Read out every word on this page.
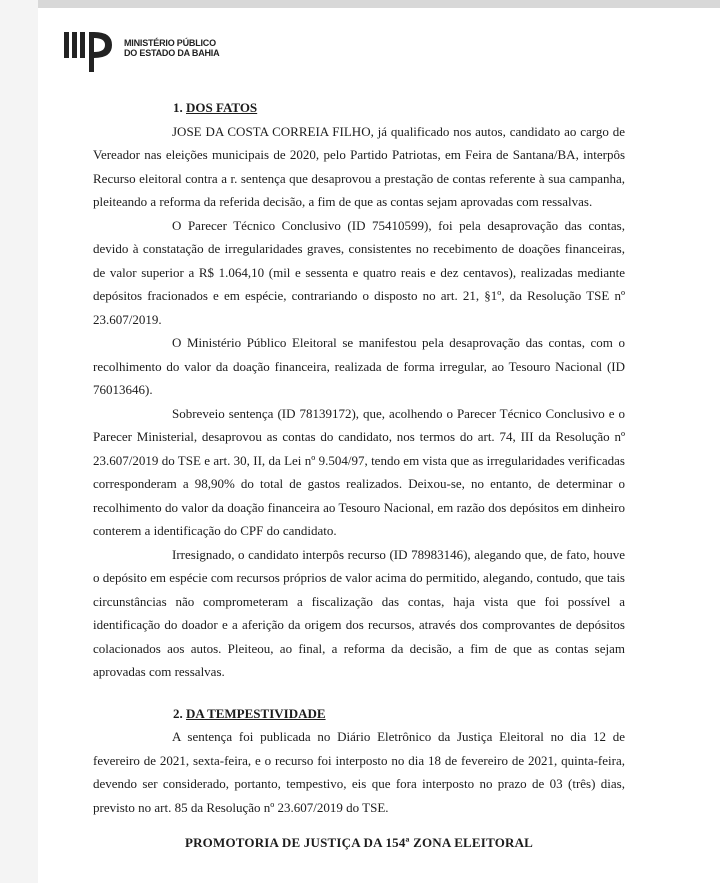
MINISTÉRIO PÚBLICO
DO ESTADO DA BAHIA

1. DOS FATOS

JOSE DA COSTA CORREIA FILHO, já qualificado nos autos, candidato ao cargo de Vereador nas eleições municipais de 2020, pelo Partido Patriotas, em Feira de Santana/BA, interpôs Recurso eleitoral contra a r. sentença que desaprovou a prestação de contas referente à sua campanha, pleiteando a reforma da referida decisão, a fim de que as contas sejam aprovadas com ressalvas.

O Parecer Técnico Conclusivo (ID 75410599), foi pela desaprovação das contas, devido à constatação de irregularidades graves, consistentes no recebimento de doações financeiras, de valor superior a R$ 1.064,10 (mil e sessenta e quatro reais e dez centavos), realizadas mediante depósitos fracionados e em espécie, contrariando o disposto no art. 21, §1º, da Resolução TSE nº 23.607/2019.

O Ministério Público Eleitoral se manifestou pela desaprovação das contas, com o recolhimento do valor da doação financeira, realizada de forma irregular, ao Tesouro Nacional (ID 76013646).

Sobreveio sentença (ID 78139172), que, acolhendo o Parecer Técnico Conclusivo e o Parecer Ministerial, desaprovou as contas do candidato, nos termos do art. 74, III da Resolução nº 23.607/2019 do TSE e art. 30, II, da Lei nº 9.504/97, tendo em vista que as irregularidades verificadas corresponderam a 98,90% do total de gastos realizados. Deixou-se, no entanto, de determinar o recolhimento do valor da doação financeira ao Tesouro Nacional, em razão dos depósitos em dinheiro conterem a identificação do CPF do candidato.

Irresignado, o candidato interpôs recurso (ID 78983146), alegando que, de fato, houve o depósito em espécie com recursos próprios de valor acima do permitido, alegando, contudo, que tais circunstâncias não comprometeram a fiscalização das contas, haja vista que foi possível a identificação do doador e a aferição da origem dos recursos, através dos comprovantes de depósitos colacionados aos autos. Pleiteou, ao final, a reforma da decisão, a fim de que as contas sejam aprovadas com ressalvas.

2. DA TEMPESTIVIDADE

A sentença foi publicada no Diário Eletrônico da Justiça Eleitoral no dia 12 de fevereiro de 2021, sexta-feira, e o recurso foi interposto no dia 18 de fevereiro de 2021, quinta-feira, devendo ser considerado, portanto, tempestivo, eis que fora interposto no prazo de 03 (três) dias, previsto no art. 85 da Resolução nº 23.607/2019 do TSE.

PROMOTORIA DE JUSTIÇA DA 154ª ZONA ELEITORAL
